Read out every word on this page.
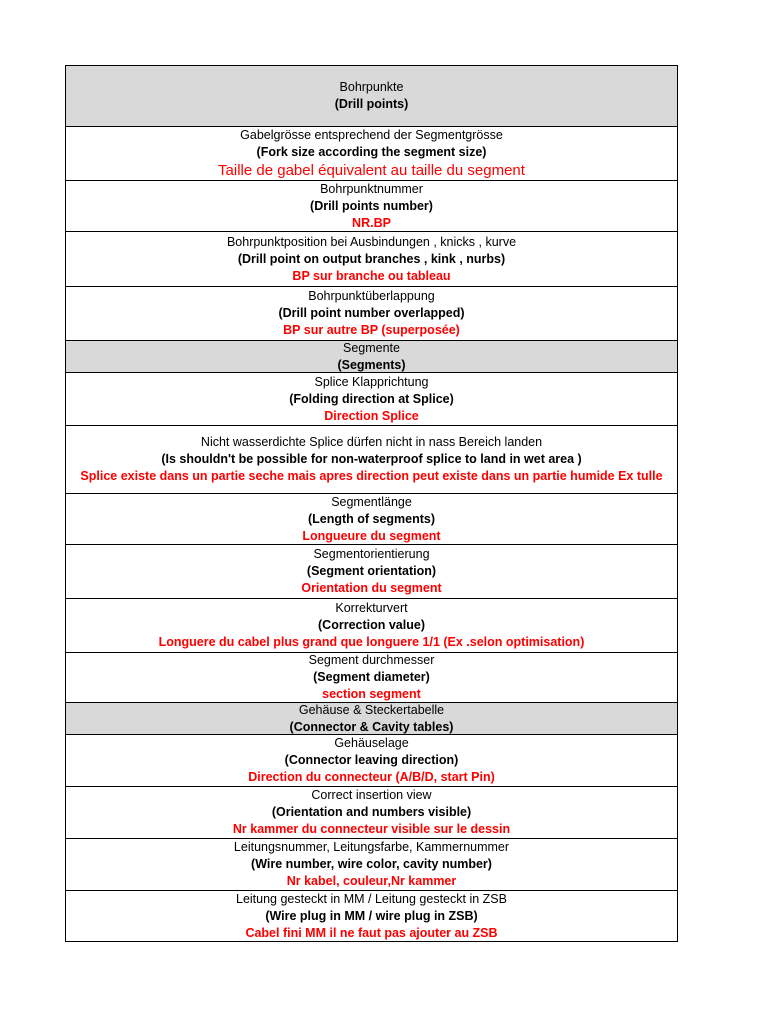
Bohrpunkte
(Drill points)
Gabelgrösse entsprechend der Segmentgrösse
(Fork size according the segment size)
Taille de gabel équivalent au taille du segment
Bohrpunktnummer
(Drill points number)
NR.BP
Bohrpunktposition bei Ausbindungen , knicks , kurve
(Drill point on output branches , kink , nurbs)
BP sur branche ou tableau
Bohrpunktüberlappung
(Drill point number overlapped)
BP sur autre BP (superposée)
Segmente
(Segments)
Splice Klapprichtung
(Folding direction at Splice)
Direction Splice
Nicht wasserdichte Splice dürfen nicht in nass Bereich landen
(Is shouldn't be possible for non-waterproof splice to land in wet area )
Splice existe dans un partie seche mais apres direction peut existe dans un partie humide Ex tulle
Segmentlänge
(Length of segments)
Longueure du segment
Segmentorientierung
(Segment orientation)
Orientation du segment
Korrekturvert
(Correction value)
Longuere du cabel plus grand que longuere 1/1 (Ex .selon optimisation)
Segment durchmesser
(Segment diameter)
section segment
Gehäuse & Steckertabelle
(Connector & Cavity tables)
Gehäuselage
(Connector leaving direction)
Direction du connecteur (A/B/D, start Pin)
Correct insertion view
(Orientation and numbers visible)
Nr kammer du connecteur visible sur le dessin
Leitungsnummer, Leitungsfarbe, Kammernummer
(Wire number, wire color, cavity number)
Nr kabel, couleur,Nr kammer
Leitung gesteckt in MM / Leitung gesteckt in ZSB
(Wire plug in MM / wire plug in ZSB)
Cabel fini MM il ne faut pas ajouter au ZSB
